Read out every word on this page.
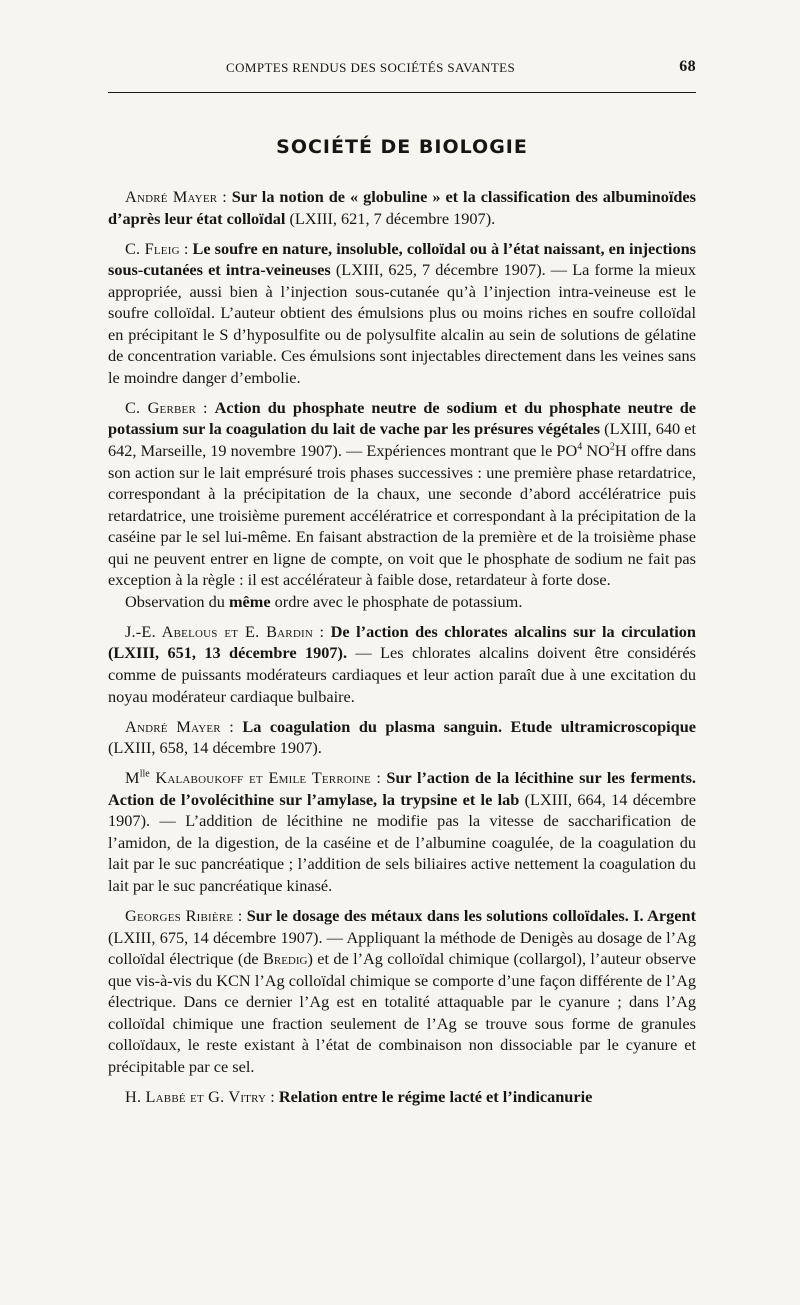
COMPTES RENDUS DES SOCIÉTÉS SAVANTES	68
SOCIÉTÉ DE BIOLOGIE

André Mayer : Sur la notion de « globuline » et la classification des albuminoïdes d’après leur état colloïdal (LXIII, 621, 7 décembre 1907).

C. Fleig : Le soufre en nature, insoluble, colloïdal ou à l’état naissant, en injections sous-cutanées et intra-veineuses (LXIII, 625, 7 décembre 1907). — La forme la mieux appropriée, aussi bien à l’injection sous-cutanée qu’à l’injection intra-veineuse est le soufre colloïdal. L’auteur obtient des émulsions plus ou moins riches en soufre colloïdal en précipitant le S d’hyposulfite ou de polysulfite alcalin au sein de solutions de gélatine de concentration variable. Ces émulsions sont injectables directement dans les veines sans le moindre danger d’embolie.

C. Gerber : Action du phosphate neutre de sodium et du phosphate neutre de potassium sur la coagulation du lait de vache par les présures végétales (LXIII, 640 et 642, Marseille, 19 novembre 1907). — Expériences montrant que le $PO^4$ $NO^2H$ offre dans son action sur le lait emprésuré trois phases successives : une première phase retardatrice, correspondant à la précipitation de la chaux, une seconde d’abord accélératrice puis retardatrice, une troisième purement accélératrice et correspondant à la précipitation de la caséine par le sel lui-même. En faisant abstraction de la première et de la troisième phase qui ne peuvent entrer en ligne de compte, on voit que le phosphate de sodium ne fait pas exception à la règle : il est accélérateur à faible dose, retardateur à forte dose.

Observation du même ordre avec le phosphate de potassium.

J.-E. Abelous et E. Bardin : De l’action des chlorates alcalins sur la circulation (LXIII, 651, 13 décembre 1907). — Les chlorates alcalins doivent être considérés comme de puissants modérateurs cardiaques et leur action paraît due à une excitation du noyau modérateur cardiaque bulbaire.

André Mayer : La coagulation du plasma sanguin. Etude ultramicroscopique (LXIII, 658, 14 décembre 1907).

$M^{lle}$ Kalaboukoff et Emile Terroine : Sur l’action de la lécithine sur les ferments. Action de l’ovolécithine sur l’amylase, la trypsine et le lab (LXIII, 664, 14 décembre 1907). — L’addition de lécithine ne modifie pas la vitesse de saccharification de l’amidon, de la digestion, de la caséine et de l’albumine coagulée, de la coagulation du lait par le suc pancréatique ; l’addition de sels biliaires active nettement la coagulation du lait par le suc pancréatique kinasé.

Georges Ribière : Sur le dosage des métaux dans les solutions colloïdales. I. Argent (LXIII, 675, 14 décembre 1907). — Appliquant la méthode de Denigès au dosage de l’Ag colloïdal électrique (de Bredig) et de l’Ag colloïdal chimique (collargol), l’auteur observe que vis-à-vis du KCN l’Ag colloïdal chimique se comporte d’une façon différente de l’Ag électrique. Dans ce dernier l’Ag est en totalité attaquable par le cyanure ; dans l’Ag colloïdal chimique une fraction seulement de l’Ag se trouve sous forme de granules colloïdaux, le reste existant à l’état de combinaison non dissociable par le cyanure et précipitable par ce sel.

H. Labbé et G. Vitry : Relation entre le régime lacté et l’indicanurie
